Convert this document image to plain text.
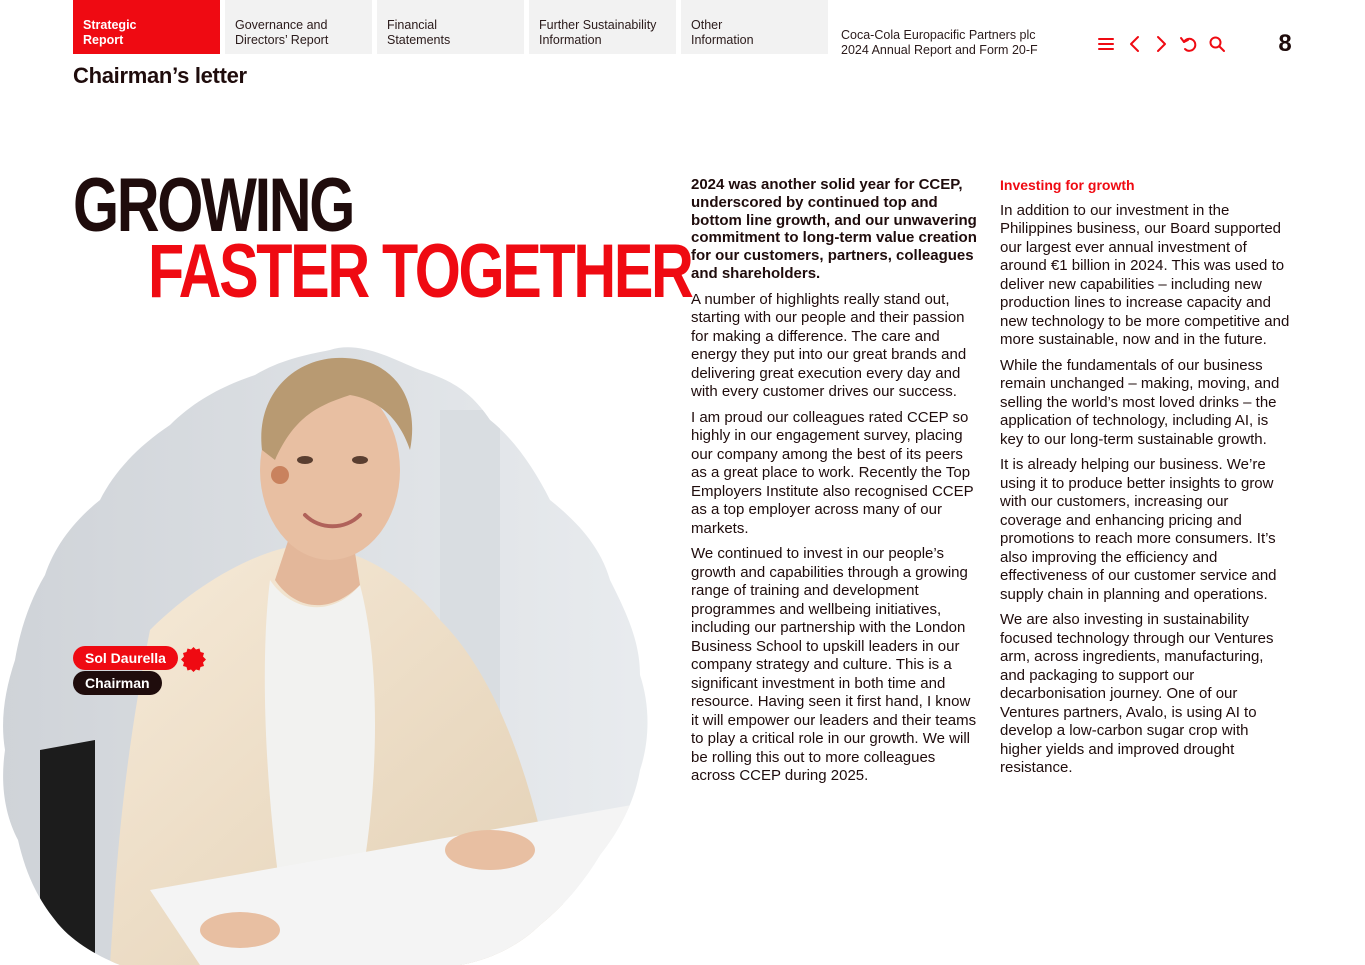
Strategic
Report
Governance and
Directors’ Report
Financial
Statements
Further Sustainability
Information
Other
Information	Coca-Cola Europacific Partners plc
2024 Annual Report and Form 20-F	8
Chairman’s letter
GROWING
FASTER TOGETHER
Sol Daurella
Chairman

2024 was another solid year for CCEP, underscored by continued top and bottom line growth, and our unwavering commitment to long-term value creation for our customers, partners, colleagues and shareholders.

A number of highlights really stand out, starting with our people and their passion for making a difference. The care and energy they put into our great brands and delivering great execution every day and with every customer drives our success.

I am proud our colleagues rated CCEP so highly in our engagement survey, placing our company among the best of its peers as a great place to work. Recently the Top Employers Institute also recognised CCEP as a top employer across many of our markets.

We continued to invest in our people’s growth and capabilities through a growing range of training and development programmes and wellbeing initiatives, including our partnership with the London Business School to upskill leaders in our company strategy and culture. This is a significant investment in both time and resource. Having seen it first hand, I know it will empower our leaders and their teams to play a critical role in our growth. We will be rolling this out to more colleagues across CCEP during 2025.

Investing for growth

In addition to our investment in the Philippines business, our Board supported our largest ever annual investment of around €1 billion in 2024. This was used to deliver new capabilities – including new production lines to increase capacity and new technology to be more competitive and more sustainable, now and in the future.

While the fundamentals of our business remain unchanged – making, moving, and selling the world’s most loved drinks – the application of technology, including AI, is key to our long-term sustainable growth.

It is already helping our business. We’re using it to produce better insights to grow with our customers, increasing our coverage and enhancing pricing and promotions to reach more consumers. It’s also improving the efficiency and effectiveness of our customer service and supply chain in planning and operations.

We are also investing in sustainability focused technology through our Ventures arm, across ingredients, manufacturing, and packaging to support our decarbonisation journey. One of our Ventures partners, Avalo, is using AI to develop a low-carbon sugar crop with higher yields and improved drought resistance.
